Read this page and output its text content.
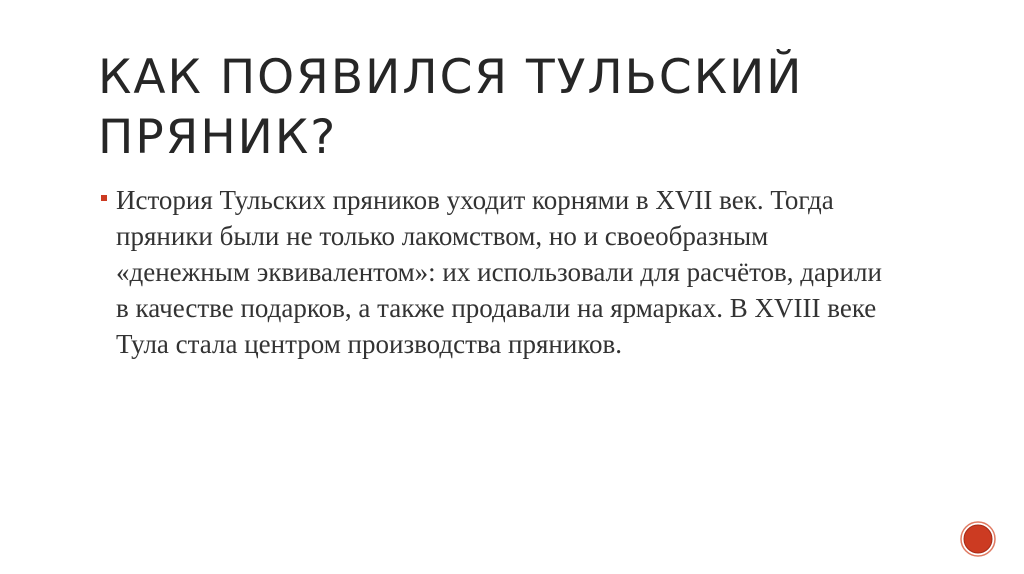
КАК ПОЯВИЛСЯ ТУЛЬСКИЙ ПРЯНИК?
История Тульских пряников уходит корнями в XVII век. Тогда пряники были не только лакомством, но и своеобразным «денежным эквивалентом»: их использовали для расчётов, дарили в качестве подарков, а также продавали на ярмарках. В XVIII веке Тула стала центром производства пряников.
